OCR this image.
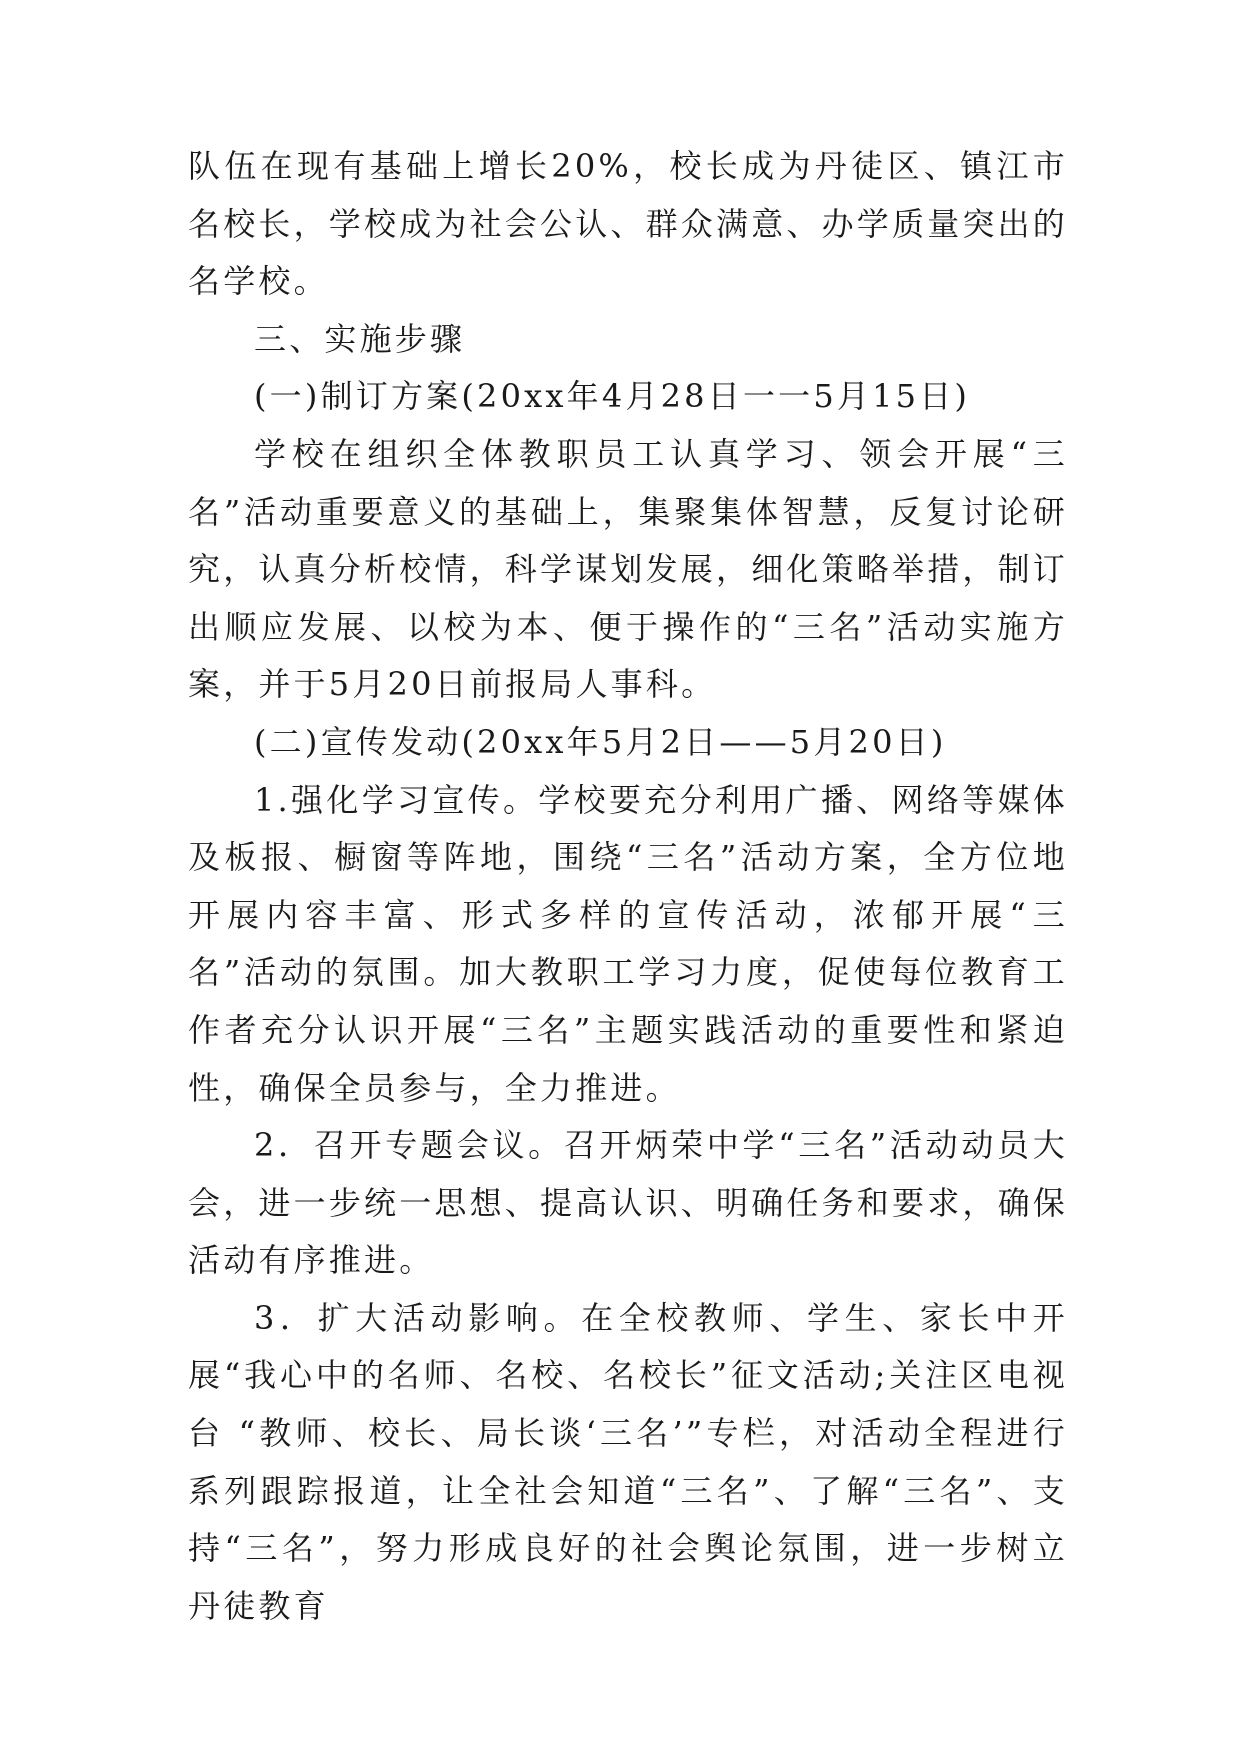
队伍在现有基础上增长20%，校长成为丹徒区、镇江市名校长，学校成为社会公认、群众满意、办学质量突出的名学校。

三、实施步骤

(一)制订方案(20xx年4月28日一一5月15日)

学校在组织全体教职员工认真学习、领会开展“三名”活动重要意义的基础上，集聚集体智慧，反复讨论研究，认真分析校情，科学谋划发展，细化策略举措，制订出顺应发展、以校为本、便于操作的“三名”活动实施方案，并于5月20日前报局人事科。

(二)宣传发动(20xx年5月2日——5月20日)

1.强化学习宣传。学校要充分利用广播、网络等媒体及板报、橱窗等阵地，围绕“三名”活动方案，全方位地开展内容丰富、形式多样的宣传活动，浓郁开展“三名”活动的氛围。加大教职工学习力度，促使每位教育工作者充分认识开展“三名”主题实践活动的重要性和紧迫性，确保全员参与，全力推进。

2．召开专题会议。召开炳荣中学“三名”活动动员大会，进一步统一思想、提高认识、明确任务和要求，确保活动有序推进。

3．扩大活动影响。在全校教师、学生、家长中开展“我心中的名师、名校、名校长”征文活动;关注区电视台 “教师、校长、局长谈‘三名’”专栏，对活动全程进行系列跟踪报道，让全社会知道“三名”、了解“三名”、支持“三名”，努力形成良好的社会舆论氛围，进一步树立丹徒教育
